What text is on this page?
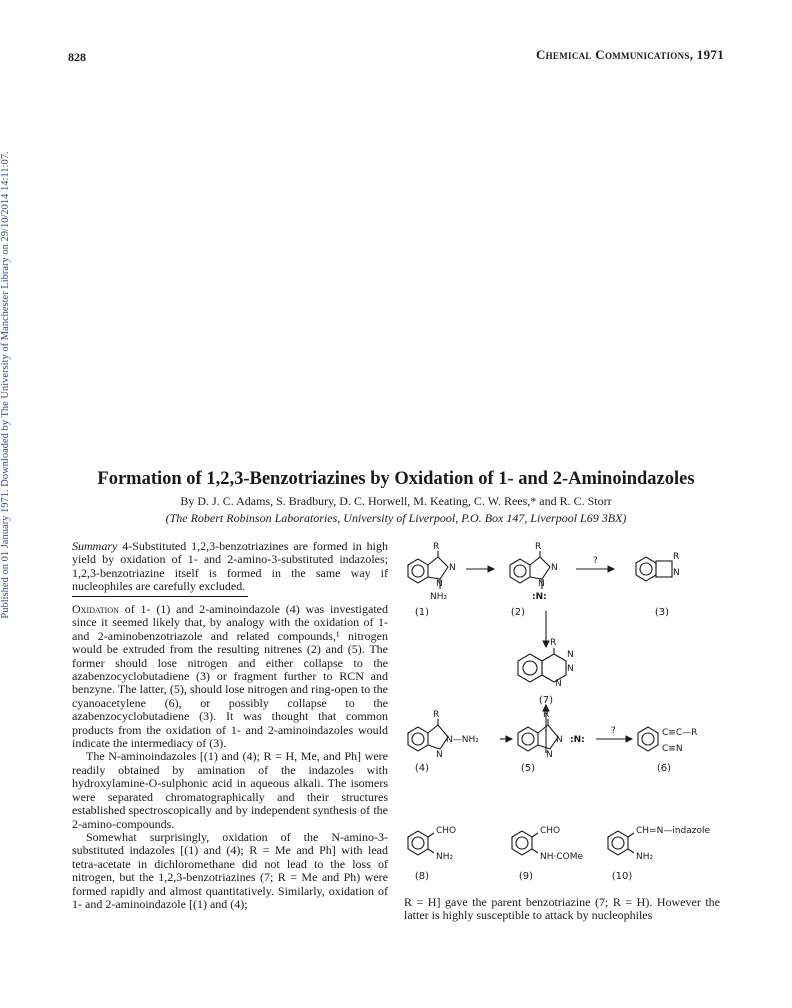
828	Chemical Communications, 1971
Published on 01 January 1971. Downloaded by The University of Manchester Library on 29/10/2014 14:11:07.	Formation of 1,2,3-Benzotriazines by Oxidation of 1- and 2-Aminoindazoles
By D. J. C. Adams, S. Bradbury, D. C. Horwell, M. Keating, C. W. Rees,* and R. C. Storr
(The Robert Robinson Laboratories, University of Liverpool, P.O. Box 147, Liverpool L69 3BX)
Summary 4-Substituted 1,2,3-benzotriazines are formed in high yield by oxidation of 1- and 2-amino-3-substituted indazoles; 1,2,3-benzotriazine itself is formed in the same way if nucleophiles are carefully excluded.

Oxidation of 1- (1) and 2-aminoindazole (4) was investigated since it seemed likely that, by analogy with the oxidation of 1- and 2-aminobenzotriazole and related compounds,¹ nitrogen would be extruded from the resulting nitrenes (2) and (5). The former should lose nitrogen and either collapse to the azabenzocyclobutadiene (3) or fragment further to RCN and benzyne. The latter, (5), should lose nitrogen and ring-open to the cyanoacetylene (6), or possibly collapse to the azabenzocyclobutadiene (3). It was thought that common products from the oxidation of 1- and 2-aminoindazoles would indicate the intermediacy of (3).

The N-aminoindazoles [(1) and (4); R = H, Me, and Ph] were readily obtained by amination of the indazoles with hydroxylamine-O-sulphonic acid in aqueous alkali. The isomers were separated chromatographically and their structures established spectroscopically and by independent synthesis of the 2-amino-compounds.

Somewhat surprisingly, oxidation of the N-amino-3-substituted indazoles [(1) and (4); R = Me and Ph] with lead tetra-acetate in dichloromethane did not lead to the loss of nitrogen, but the 1,2,3-benzotriazines (7; R = Me and Ph) were formed rapidly and almost quantitatively. Similarly, oxidation of 1- and 2-aminoindazole [(1) and (4);	R = H] gave the parent benzotriazine (7; R = H). However the latter is highly susceptible to attack by nucleophiles
R
N
N
NH₂
R
N
N
:N:
?	R
N
R
N
N
N
R
N—NH₂
N
R
N :N:
N
?	C≡C—R
C≡N
CHO
NH₂
CHO
NH·COMe
CH=N—indazole
NH₂
(1)	(2)	(3)
(7)
(4)	(5)	(6)
(8)	(9)	(10)
